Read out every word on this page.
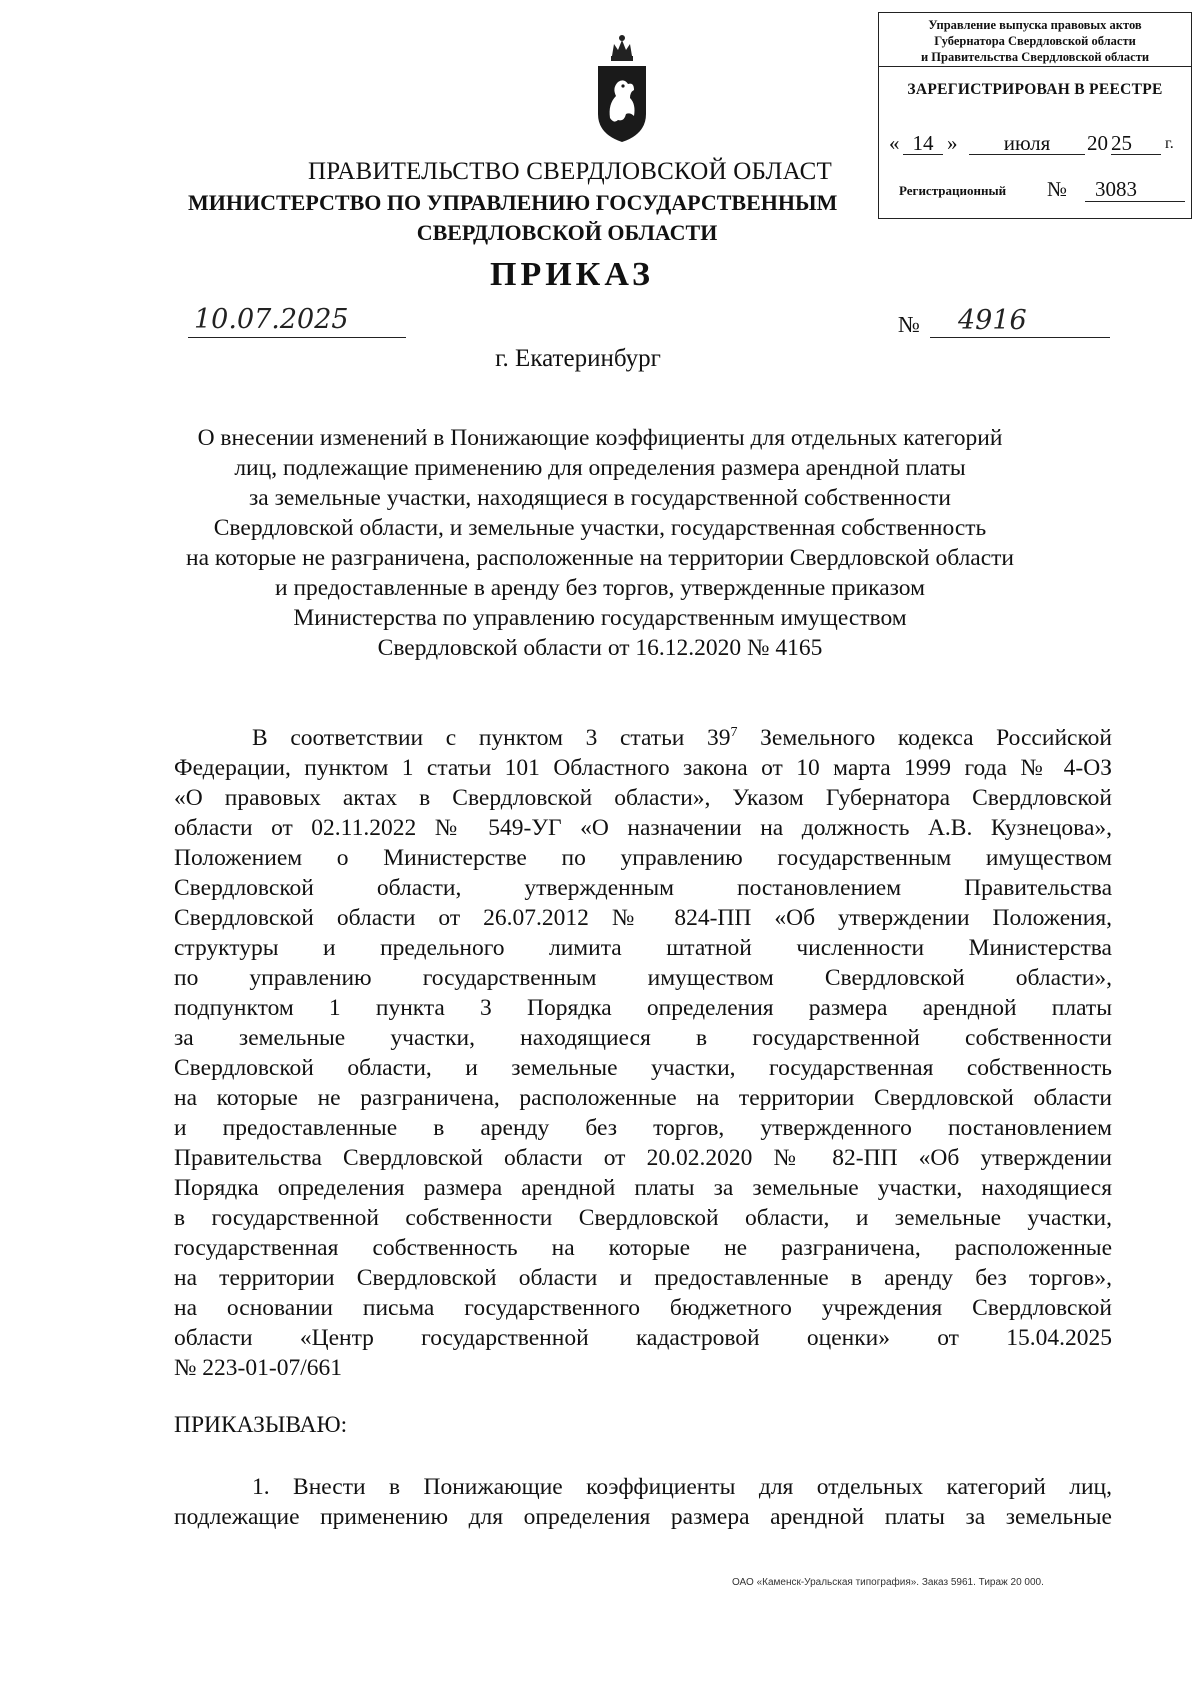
Управление выпуска правовых актов
Губернатора Свердловской области
и Правительства Свердловской области
ЗАРЕГИСТРИРОВАН В РЕЕСТРЕ
« 14 »	июля	20 25	г.
Регистрационный №	3083
ПРАВИТЕЛЬСТВО СВЕРДЛОВСКОЙ ОБЛАСТ
МИНИСТЕРСТВО ПО УПРАВЛЕНИЮ ГОСУДАРСТВЕННЫМ
СВЕРДЛОВСКОЙ ОБЛАСТИ
ПРИКАЗ
10.07.2025	№	4916
г. Екатеринбург
О внесении изменений в Понижающие коэффициенты для отдельных категорий
лиц, подлежащие применению для определения размера арендной платы
за земельные участки, находящиеся в государственной собственности
Свердловской области, и земельные участки, государственная собственность
на которые не разграничена, расположенные на территории Свердловской области
и предоставленные в аренду без торгов, утвержденные приказом
Министерства по управлению государственным имуществом
Свердловской области от 16.12.2020 № 4165
В соответствии с пунктом 3 статьи $39^7$ Земельного кодекса Российской
Федерации, пунктом 1 статьи 101 Областного закона от 10 марта 1999 года № 4-ОЗ
«О правовых актах в Свердловской области», Указом Губернатора Свердловской
области от 02.11.2022 № 549-УГ «О назначении на должность А.В. Кузнецова»,
Положением о Министерстве по управлению государственным имуществом
Свердловской области, утвержденным постановлением Правительства
Свердловской области от 26.07.2012 № 824-ПП «Об утверждении Положения,
структуры и предельного лимита штатной численности Министерства
по управлению государственным имуществом Свердловской области»,
подпунктом 1 пункта 3 Порядка определения размера арендной платы
за земельные участки, находящиеся в государственной собственности
Свердловской области, и земельные участки, государственная собственность
на которые не разграничена, расположенные на территории Свердловской области
и предоставленные в аренду без торгов, утвержденного постановлением
Правительства Свердловской области от 20.02.2020 № 82-ПП «Об утверждении
Порядка определения размера арендной платы за земельные участки, находящиеся
в государственной собственности Свердловской области, и земельные участки,
государственная собственность на которые не разграничена, расположенные
на территории Свердловской области и предоставленные в аренду без торгов»,
на основании письма государственного бюджетного учреждения Свердловской
области «Центр государственной кадастровой оценки» от 15.04.2025
№ 223-01-07/661
ПРИКАЗЫВАЮ:
1. Внести в Понижающие коэффициенты для отдельных категорий лиц,
подлежащие применению для определения размера арендной платы за земельные
ОАО «Каменск-Уральская типография». Заказ 5961. Тираж 20 000.
